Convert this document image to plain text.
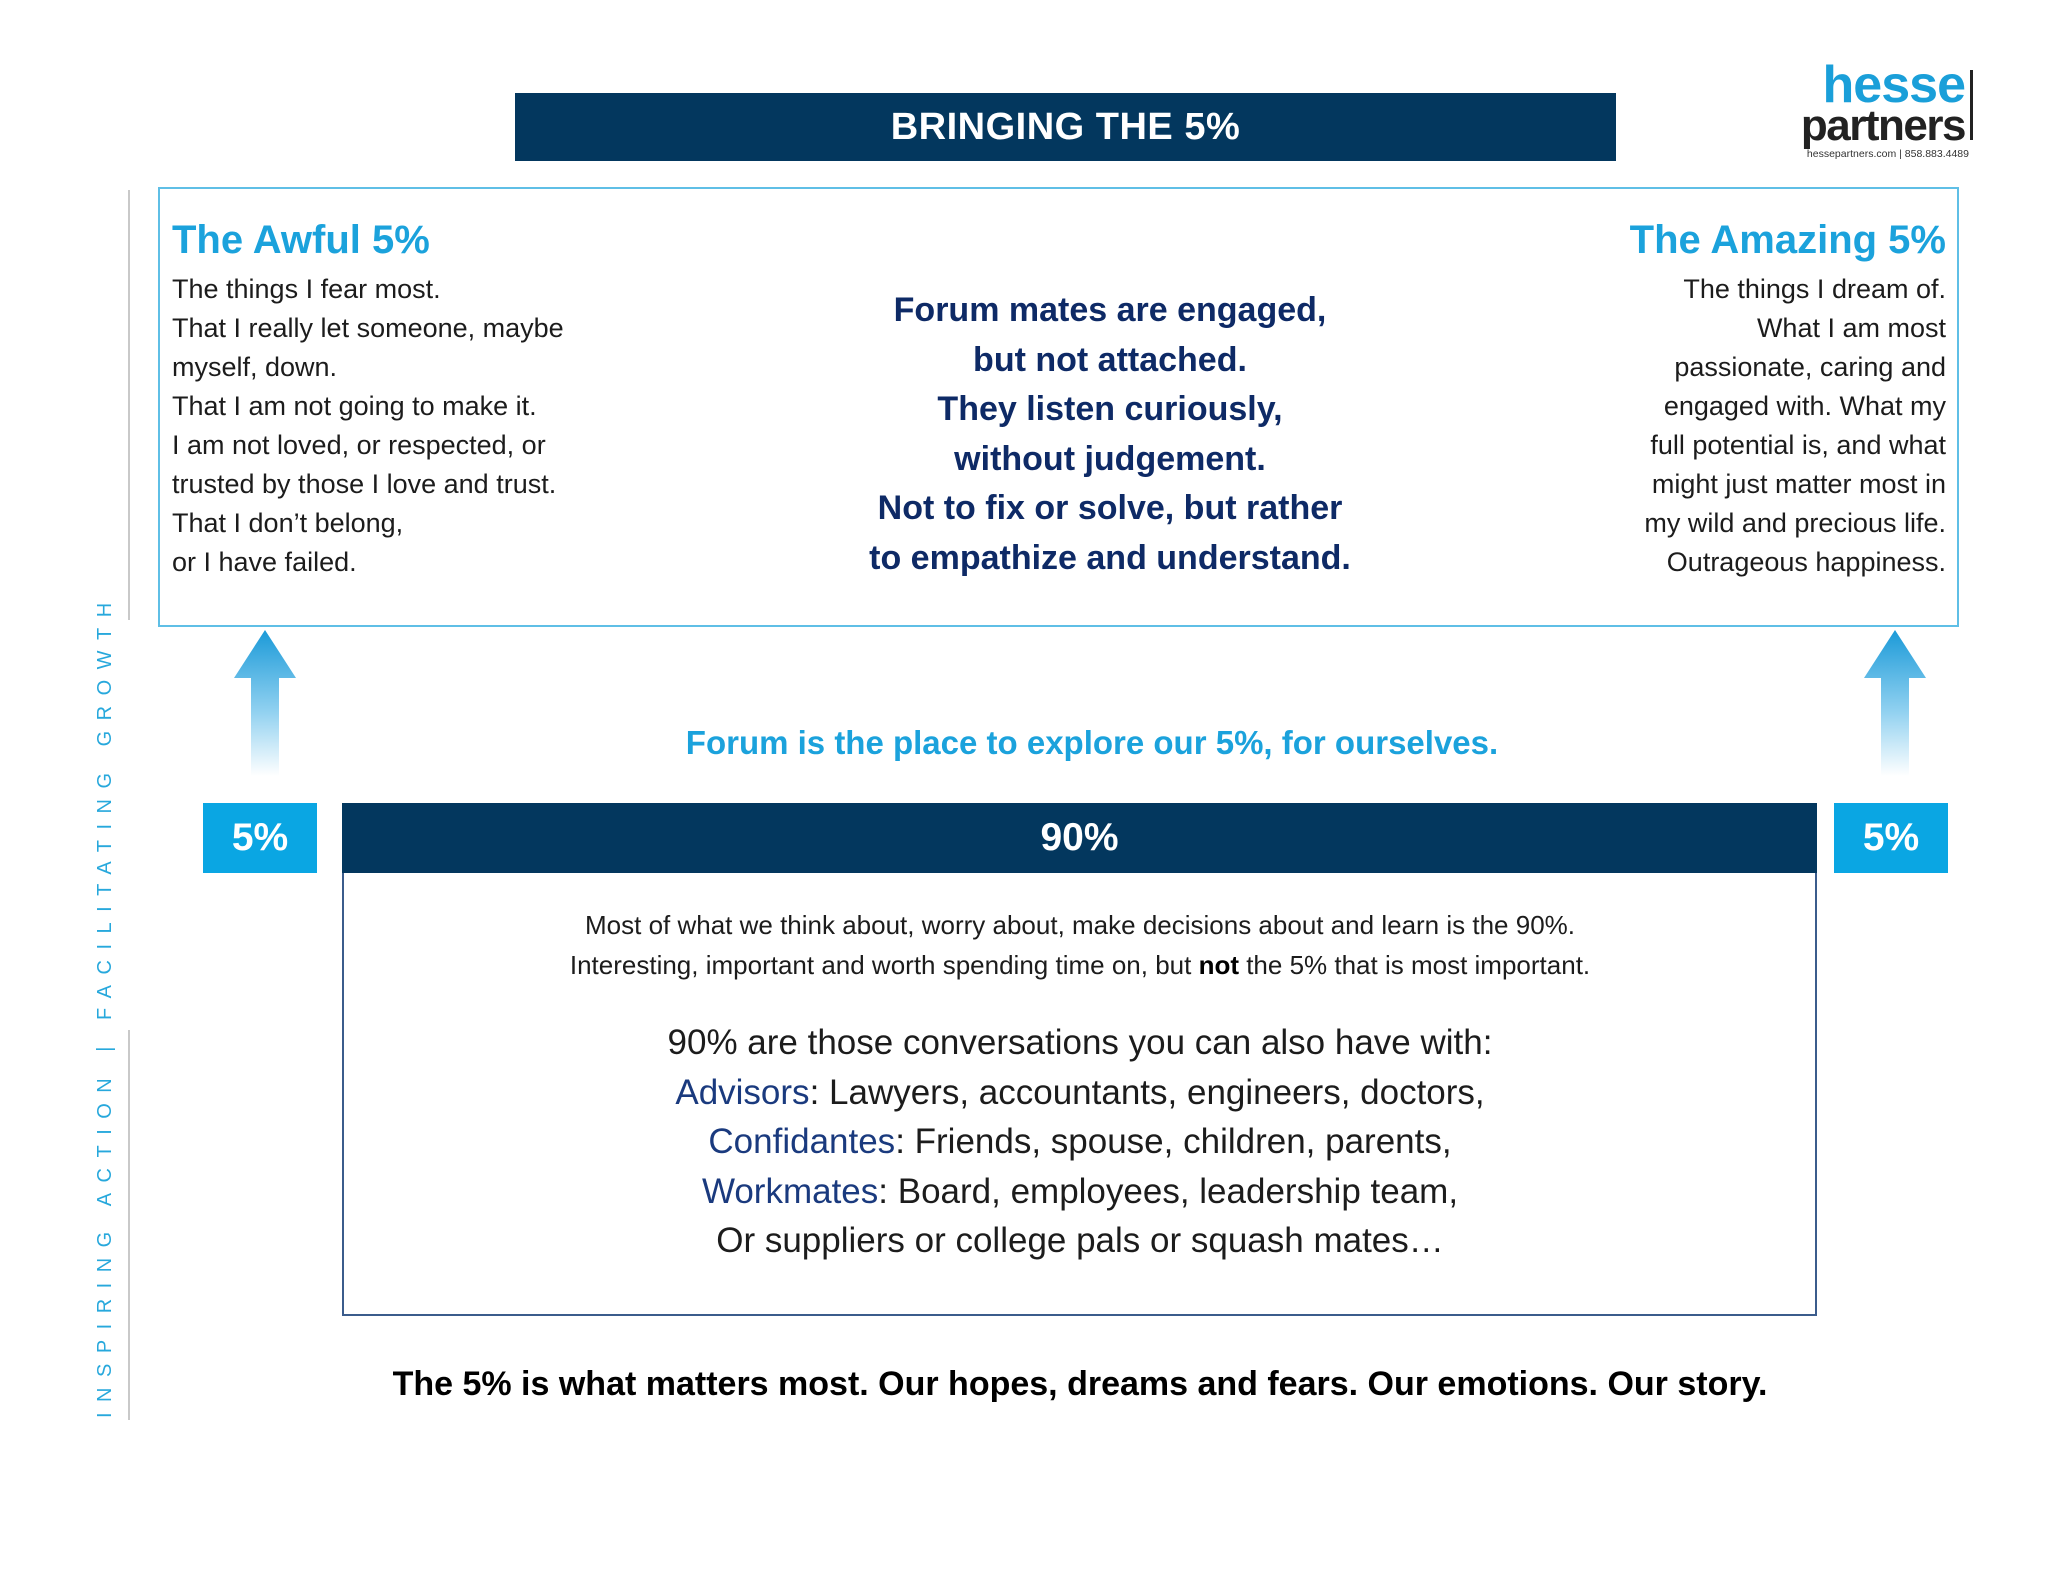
INSPIRING ACTION | FACILITATING GROWTH
BRINGING THE 5%
hesse
partners
hessepartners.com | 858.883.4489
The Awful 5%
The things I fear most.
That I really let someone, maybe
myself, down.
That I am not going to make it.
I am not loved, or respected, or
trusted by those I love and trust.
That I don’t belong,
or I have failed.
Forum mates are engaged,
but not attached.
They listen curiously,
without judgement.
Not to fix or solve, but rather
to empathize and understand.
The Amazing 5%
The things I dream of.
What I am most
passionate, caring and
engaged with. What my
full potential is, and what
might just matter most in
my wild and precious life.
Outrageous happiness.
Forum is the place to explore our 5%, for ourselves.
5%	5%
90%
Most of what we think about, worry about, make decisions about and learn is the 90%.
Interesting, important and worth spending time on, but not the 5% that is most important.
90% are those conversations you can also have with:
Advisors: Lawyers, accountants, engineers, doctors,
Confidantes: Friends, spouse, children, parents,
Workmates: Board, employees, leadership team,
Or suppliers or college pals or squash mates…
The 5% is what matters most. Our hopes, dreams and fears. Our emotions. Our story.
